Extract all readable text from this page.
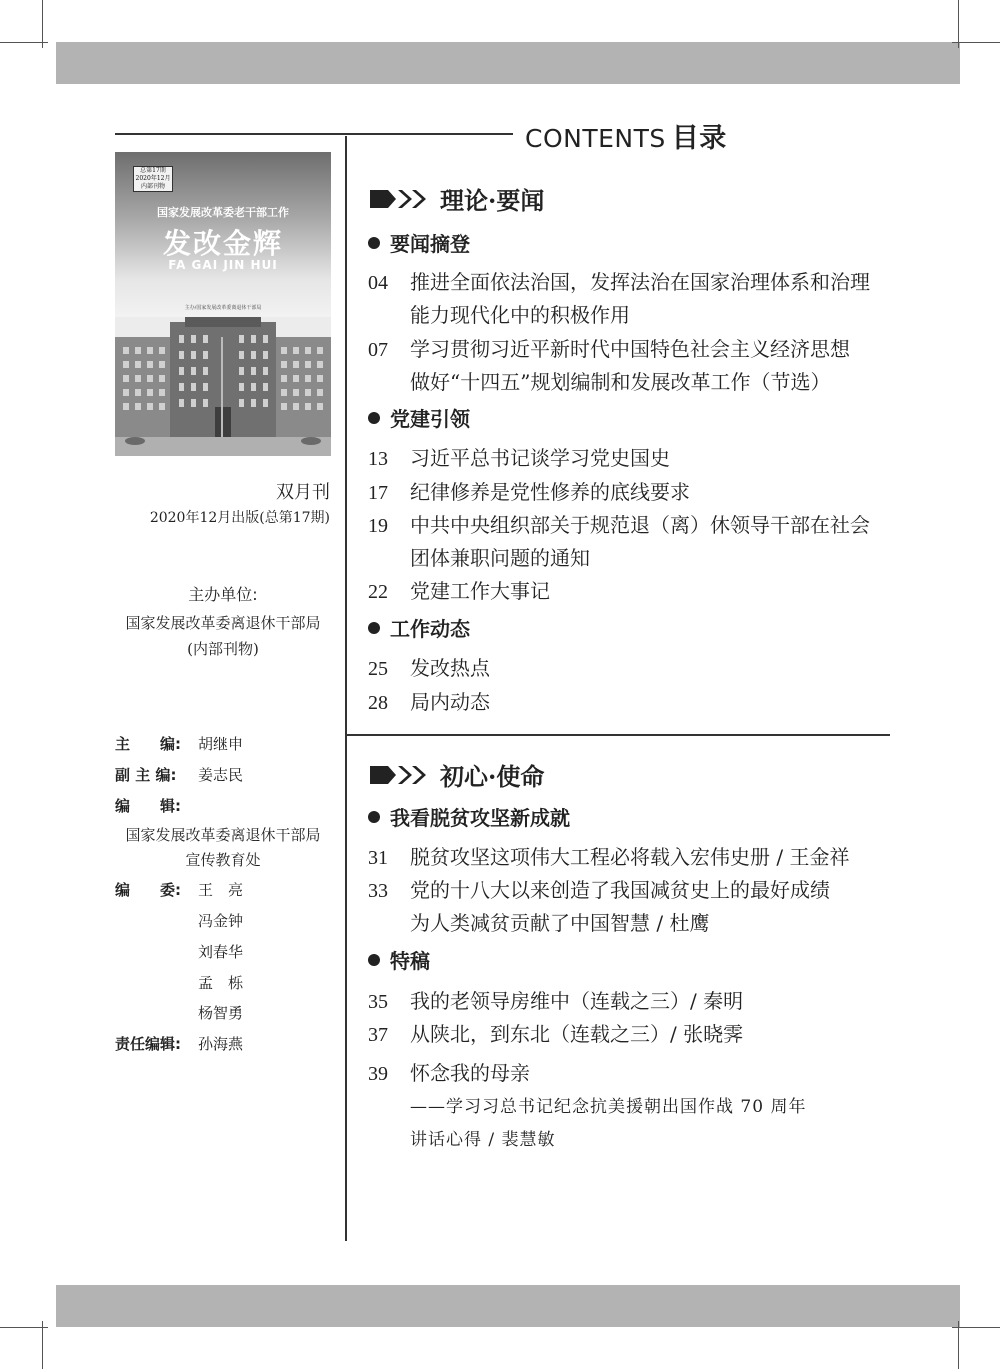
CONTENTS 目录
总第17期
2020年12月
内部刊物
国家发展改革委老干部工作
发改金辉
FA GAI JIN HUI
主办/国家发展改革委离退休干部局
双月刊
2020年12月出版(总第17期)
主办单位:
国家发展改革委离退休干部局
(内部刊物)
主　　编: 胡继申
副 主 编: 姜志民
编　　辑:
国家发展改革委离退休干部局
宣传教育处
编　　委: 王　亮
冯金钟
刘春华
孟　栎
杨智勇
责任编辑: 孙海燕
理论·要闻
要闻摘登
04 推进全面依法治国，发挥法治在国家治理体系和治理
能力现代化中的积极作用
07 学习贯彻习近平新时代中国特色社会主义经济思想
做好“十四五”规划编制和发展改革工作（节选）
党建引领
13 习近平总书记谈学习党史国史
17 纪律修养是党性修养的底线要求
19 中共中央组织部关于规范退（离）休领导干部在社会
团体兼职问题的通知
22 党建工作大事记
工作动态
25 发改热点
28 局内动态
初心·使命
我看脱贫攻坚新成就
31 脱贫攻坚这项伟大工程必将载入宏伟史册 / 王金祥
33 党的十八大以来创造了我国减贫史上的最好成绩
为人类减贫贡献了中国智慧 / 杜鹰
特稿
35 我的老领导房维中（连载之三）/ 秦明
37 从陕北，到东北（连载之三）/ 张晓霁
39 怀念我的母亲
——学习习总书记纪念抗美援朝出国作战 70 周年
讲话心得 / 裴慧敏
